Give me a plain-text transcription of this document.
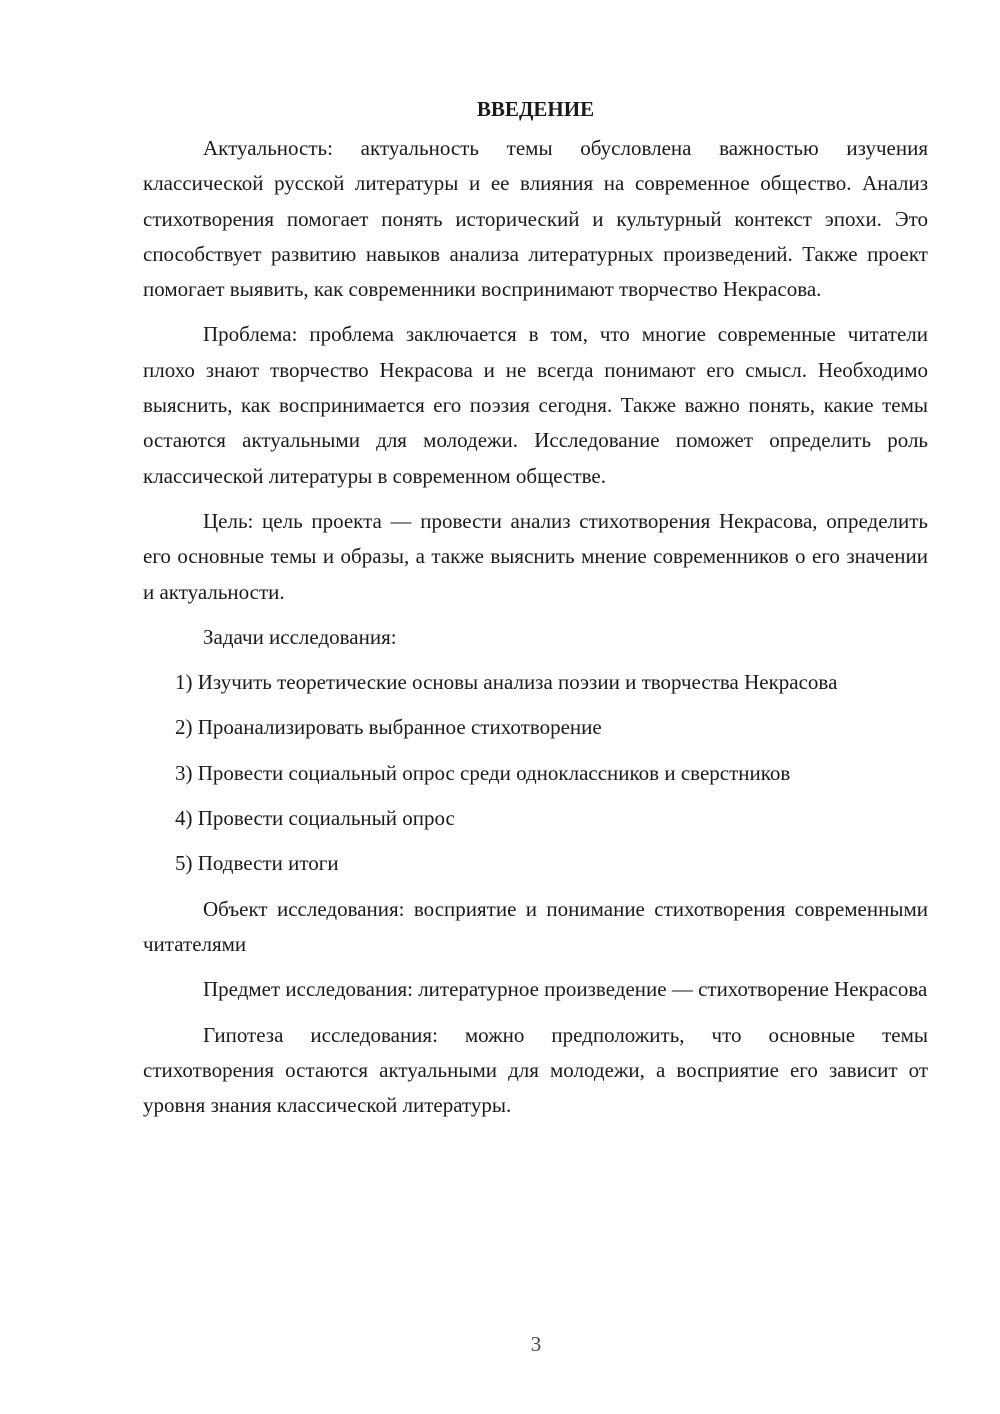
ВВЕДЕНИЕ

Актуальность: актуальность темы обусловлена важностью изучения классической русской литературы и ее влияния на современное общество. Анализ стихотворения помогает понять исторический и культурный контекст эпохи. Это способствует развитию навыков анализа литературных произведений. Также проект помогает выявить, как современники воспринимают творчество Некрасова.

Проблема: проблема заключается в том, что многие современные читатели плохо знают творчество Некрасова и не всегда понимают его смысл. Необходимо выяснить, как воспринимается его поэзия сегодня. Также важно понять, какие темы остаются актуальными для молодежи. Исследование поможет определить роль классической литературы в современном обществе.

Цель: цель проекта — провести анализ стихотворения Некрасова, определить его основные темы и образы, а также выяснить мнение современников о его значении и актуальности.

Задачи исследования:

1) Изучить теоретические основы анализа поэзии и творчества Некрасова

2) Проанализировать выбранное стихотворение

3) Провести социальный опрос среди одноклассников и сверстников

4) Провести социальный опрос

5) Подвести итоги

Объект исследования: восприятие и понимание стихотворения современными читателями

Предмет исследования: литературное произведение — стихотворение Некрасова

Гипотеза исследования: можно предположить, что основные темы стихотворения остаются актуальными для молодежи, а восприятие его зависит от уровня знания классической литературы.

3
